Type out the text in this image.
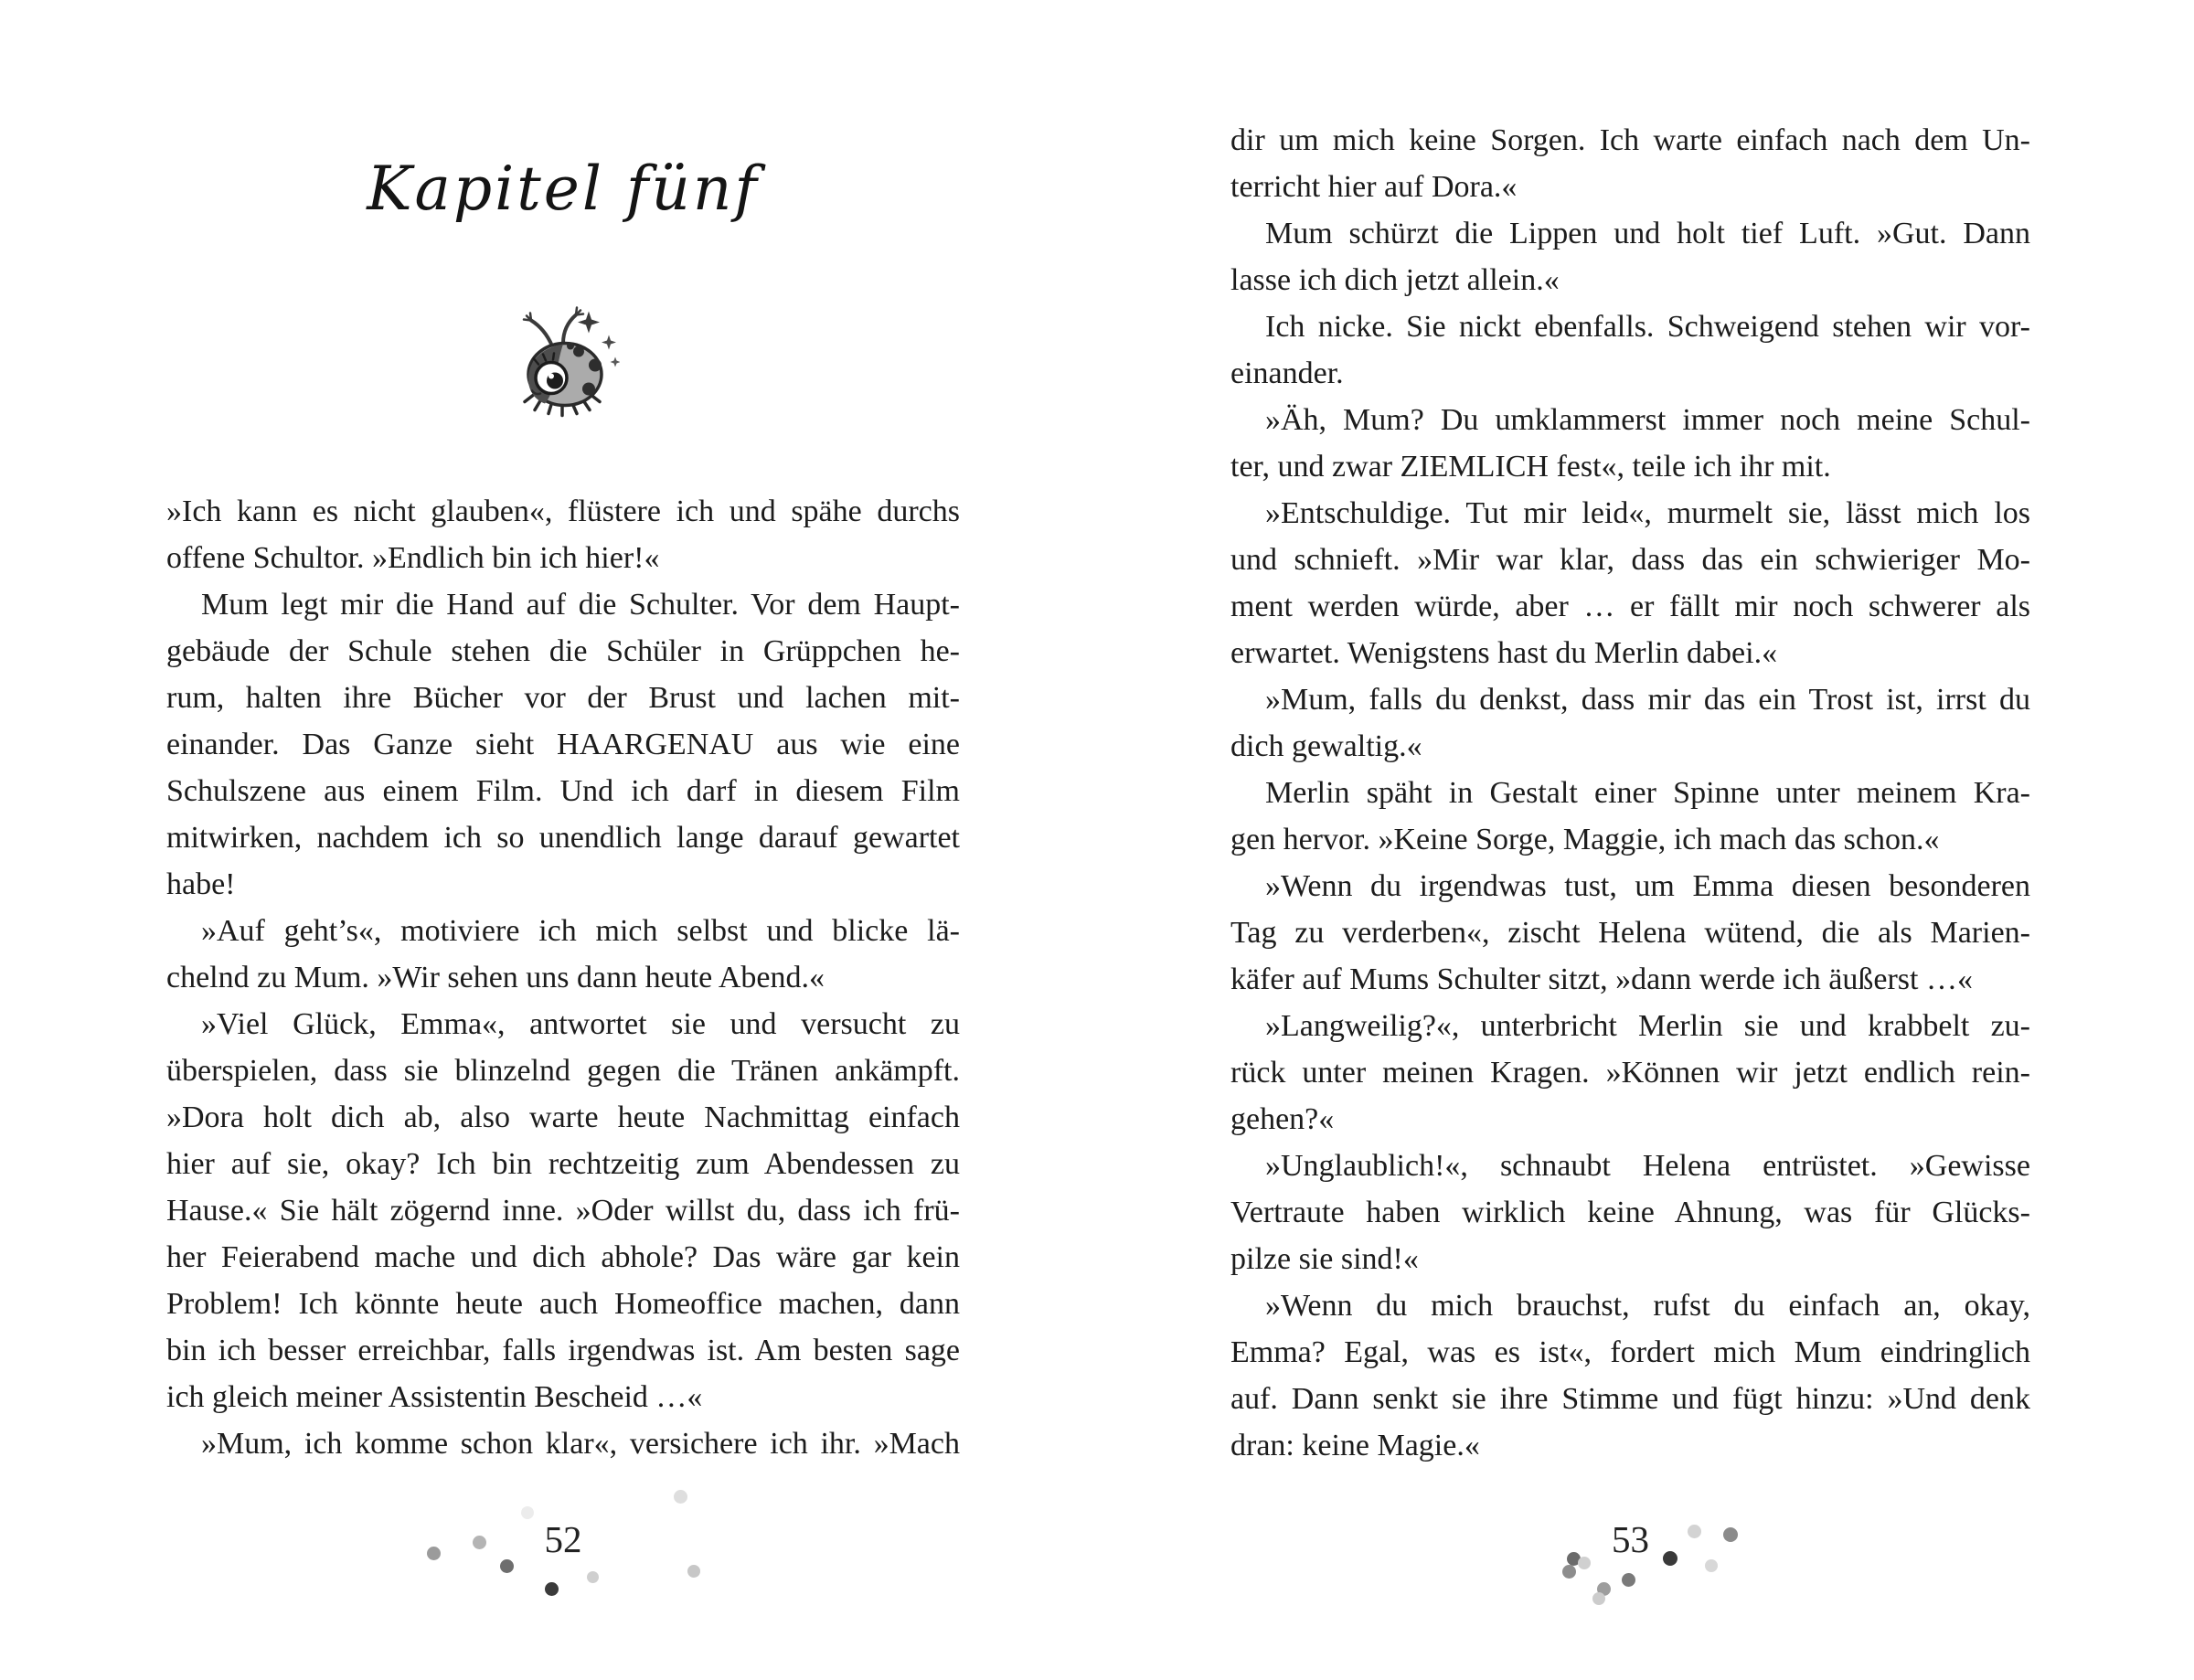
Kapitel fünf
»Ich kann es nicht glauben«, flüstere ich und spähe durchs
offene Schultor. »Endlich bin ich hier!«
Mum legt mir die Hand auf die Schulter. Vor dem Haupt-
gebäude der Schule stehen die Schüler in Grüppchen he-
rum, halten ihre Bücher vor der Brust und lachen mit-
einander. Das Ganze sieht HAARGENAU aus wie eine
Schulszene aus einem Film. Und ich darf in diesem Film
mitwirken, nachdem ich so unendlich lange darauf gewartet
habe!
»Auf geht’s«, motiviere ich mich selbst und blicke lä-
chelnd zu Mum. »Wir sehen uns dann heute Abend.«
»Viel Glück, Emma«, antwortet sie und versucht zu
überspielen, dass sie blinzelnd gegen die Tränen ankämpft.
»Dora holt dich ab, also warte heute Nachmittag einfach
hier auf sie, okay? Ich bin rechtzeitig zum Abendessen zu
Hause.« Sie hält zögernd inne. »Oder willst du, dass ich frü-
her Feierabend mache und dich abhole? Das wäre gar kein
Problem! Ich könnte heute auch Homeoffice machen, dann
bin ich besser erreichbar, falls irgendwas ist. Am besten sage
ich gleich meiner Assistentin Bescheid …«
»Mum, ich komme schon klar«, versichere ich ihr. »Mach
52
dir um mich keine Sorgen. Ich warte einfach nach dem Un-
terricht hier auf Dora.«
Mum schürzt die Lippen und holt tief Luft. »Gut. Dann
lasse ich dich jetzt allein.«
Ich nicke. Sie nickt ebenfalls. Schweigend stehen wir vor-
einander.
»Äh, Mum? Du umklammerst immer noch meine Schul-
ter, und zwar ZIEMLICH fest«, teile ich ihr mit.
»Entschuldige. Tut mir leid«, murmelt sie, lässt mich los
und schnieft. »Mir war klar, dass das ein schwieriger Mo-
ment werden würde, aber … er fällt mir noch schwerer als
erwartet. Wenigstens hast du Merlin dabei.«
»Mum, falls du denkst, dass mir das ein Trost ist, irrst du
dich gewaltig.«
Merlin späht in Gestalt einer Spinne unter meinem Kra-
gen hervor. »Keine Sorge, Maggie, ich mach das schon.«
»Wenn du irgendwas tust, um Emma diesen besonderen
Tag zu verderben«, zischt Helena wütend, die als Marien-
käfer auf Mums Schulter sitzt, »dann werde ich äußerst …«
»Langweilig?«, unterbricht Merlin sie und krabbelt zu-
rück unter meinen Kragen. »Können wir jetzt endlich rein-
gehen?«
»Unglaublich!«, schnaubt Helena entrüstet. »Gewisse
Vertraute haben wirklich keine Ahnung, was für Glücks-
pilze sie sind!«
»Wenn du mich brauchst, rufst du einfach an, okay,
Emma? Egal, was es ist«, fordert mich Mum eindringlich
auf. Dann senkt sie ihre Stimme und fügt hinzu: »Und denk
dran: keine Magie.«
53
